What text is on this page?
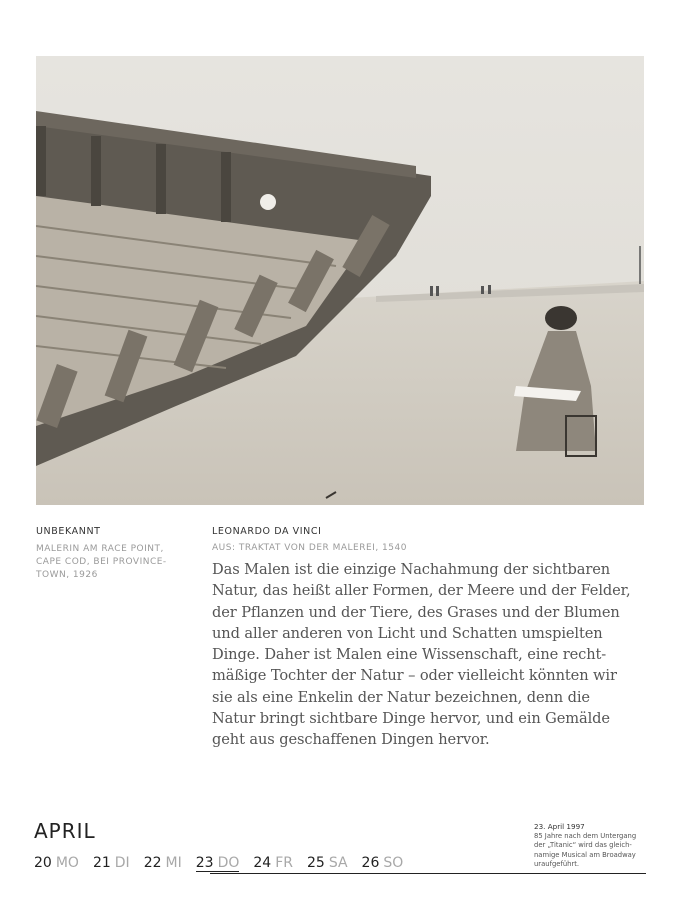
UNBEKANNT
MALERIN AM RACE POINT, CAPE COD, BEI PROVINCE-TOWN, 1926
LEONARDO DA VINCI
AUS: TRAKTAT VON DER MALEREI, 1540

Das Malen ist die einzige Nachahmung der sichtbaren Natur, das heißt aller Formen, der Meere und der Felder, der Pflanzen und der Tiere, des Grases und der Blumen und aller anderen von Licht und Schatten umspielten Dinge. Daher ist Malen eine Wissenschaft, eine recht-mäßige Tochter der Natur – oder vielleicht könnten wir sie als eine Enkelin der Natur bezeichnen, denn die Natur bringt sichtbare Dinge hervor, und ein Gemälde geht aus geschaffenen Dingen hervor.

APRIL
20 MO 21 DI 22 MI 23 DO 24 FR 25 SA 26 SO
23. April 1997
85 Jahre nach dem Untergang der „Titanic“ wird das gleich-namige Musical am Broadway uraufgeführt.
